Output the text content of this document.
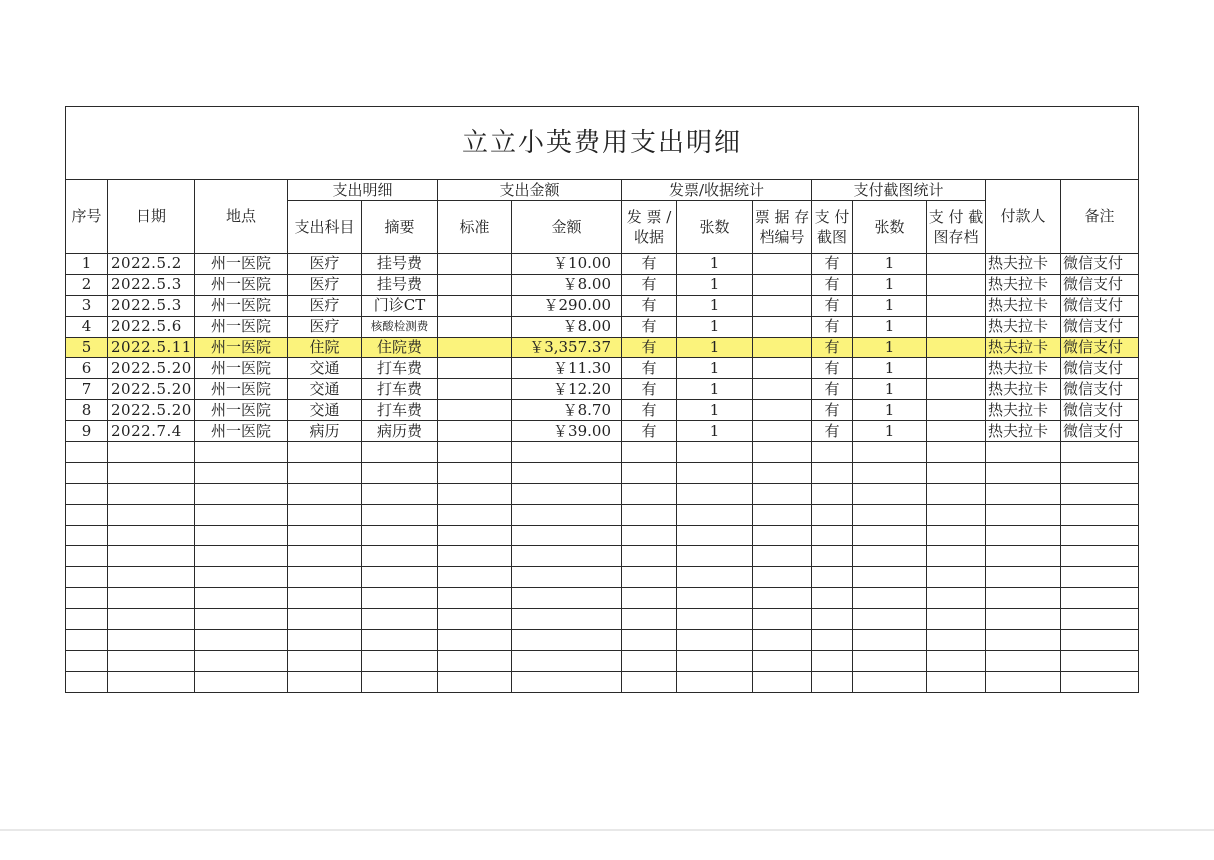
立立小英费用支出明细														
序号	日期	地点	支出明细		支出金额		发票/收据统计			支付截图统计			付款人	备注
			支出科目	摘要	标准	金额	发 票 / 收据	张数	票 据 存 档编号	支 付 截图	张数	支 付 截 图存档		
1	2022.5.2	州一医院	医疗	挂号费		￥10.00	有	1		有	1		热夫拉卡	微信支付
2	2022.5.3	州一医院	医疗	挂号费		￥8.00	有	1		有	1		热夫拉卡	微信支付
3	2022.5.3	州一医院	医疗	门诊CT		￥290.00	有	1		有	1		热夫拉卡	微信支付
4	2022.5.6	州一医院	医疗	核酸检测费		￥8.00	有	1		有	1		热夫拉卡	微信支付
5	2022.5.11	州一医院	住院	住院费		￥3,357.37	有	1		有	1		热夫拉卡	微信支付
6	2022.5.20	州一医院	交通	打车费		￥11.30	有	1		有	1		热夫拉卡	微信支付
7	2022.5.20	州一医院	交通	打车费		￥12.20	有	1		有	1		热夫拉卡	微信支付
8	2022.5.20	州一医院	交通	打车费		￥8.70	有	1		有	1		热夫拉卡	微信支付
9	2022.7.4	州一医院	病历	病历费		￥39.00	有	1		有	1		热夫拉卡	微信支付
